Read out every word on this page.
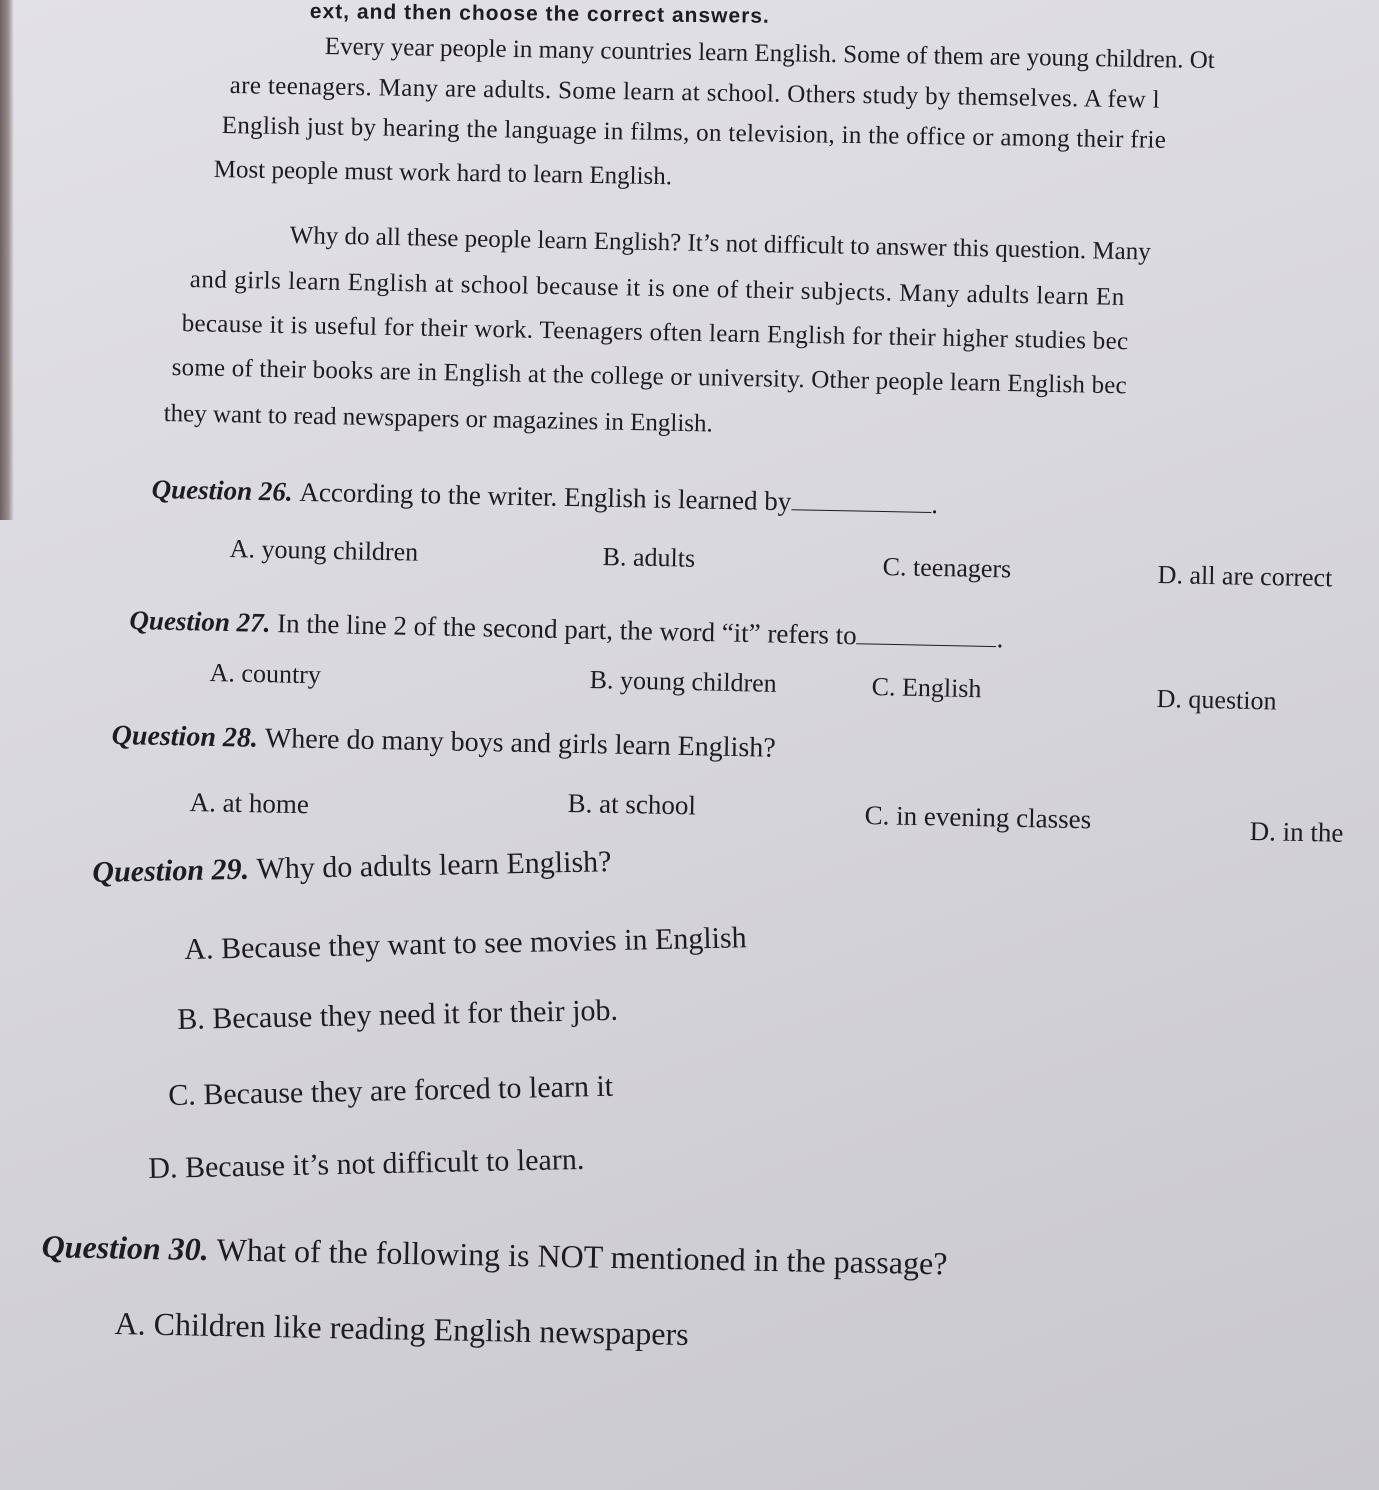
ext, and then choose the correct answers.
Every year people in many countries learn English. Some of them are young children. Ot
are teenagers. Many are adults. Some learn at school. Others study by themselves. A few l
English just by hearing the language in films, on television, in the office or among their frie
Most people must work hard to learn English.
Why do all these people learn English? It’s not difficult to answer this question. Many
and girls learn English at school because it is one of their subjects. Many adults learn En
because it is useful for their work. Teenagers often learn English for their higher studies bec
some of their books are in English at the college or university. Other people learn English bec
they want to read newspapers or magazines in English.
Question 26. According to the writer. English is learned by	.
A. young children	B. adults	C. teenagers	D. all are correct
Question 27. In the line 2 of the second part, the word “it” refers to	.
A. country	B. young children	C. English	D. question
Question 28. Where do many boys and girls learn English?
A. at home	B. at school	C. in evening classes	D. in the
Question 29. Why do adults learn English?
A. Because they want to see movies in English
B. Because they need it for their job.
C. Because they are forced to learn it
D. Because it’s not difficult to learn.
Question 30. What of the following is NOT mentioned in the passage?
A. Children like reading English newspapers
